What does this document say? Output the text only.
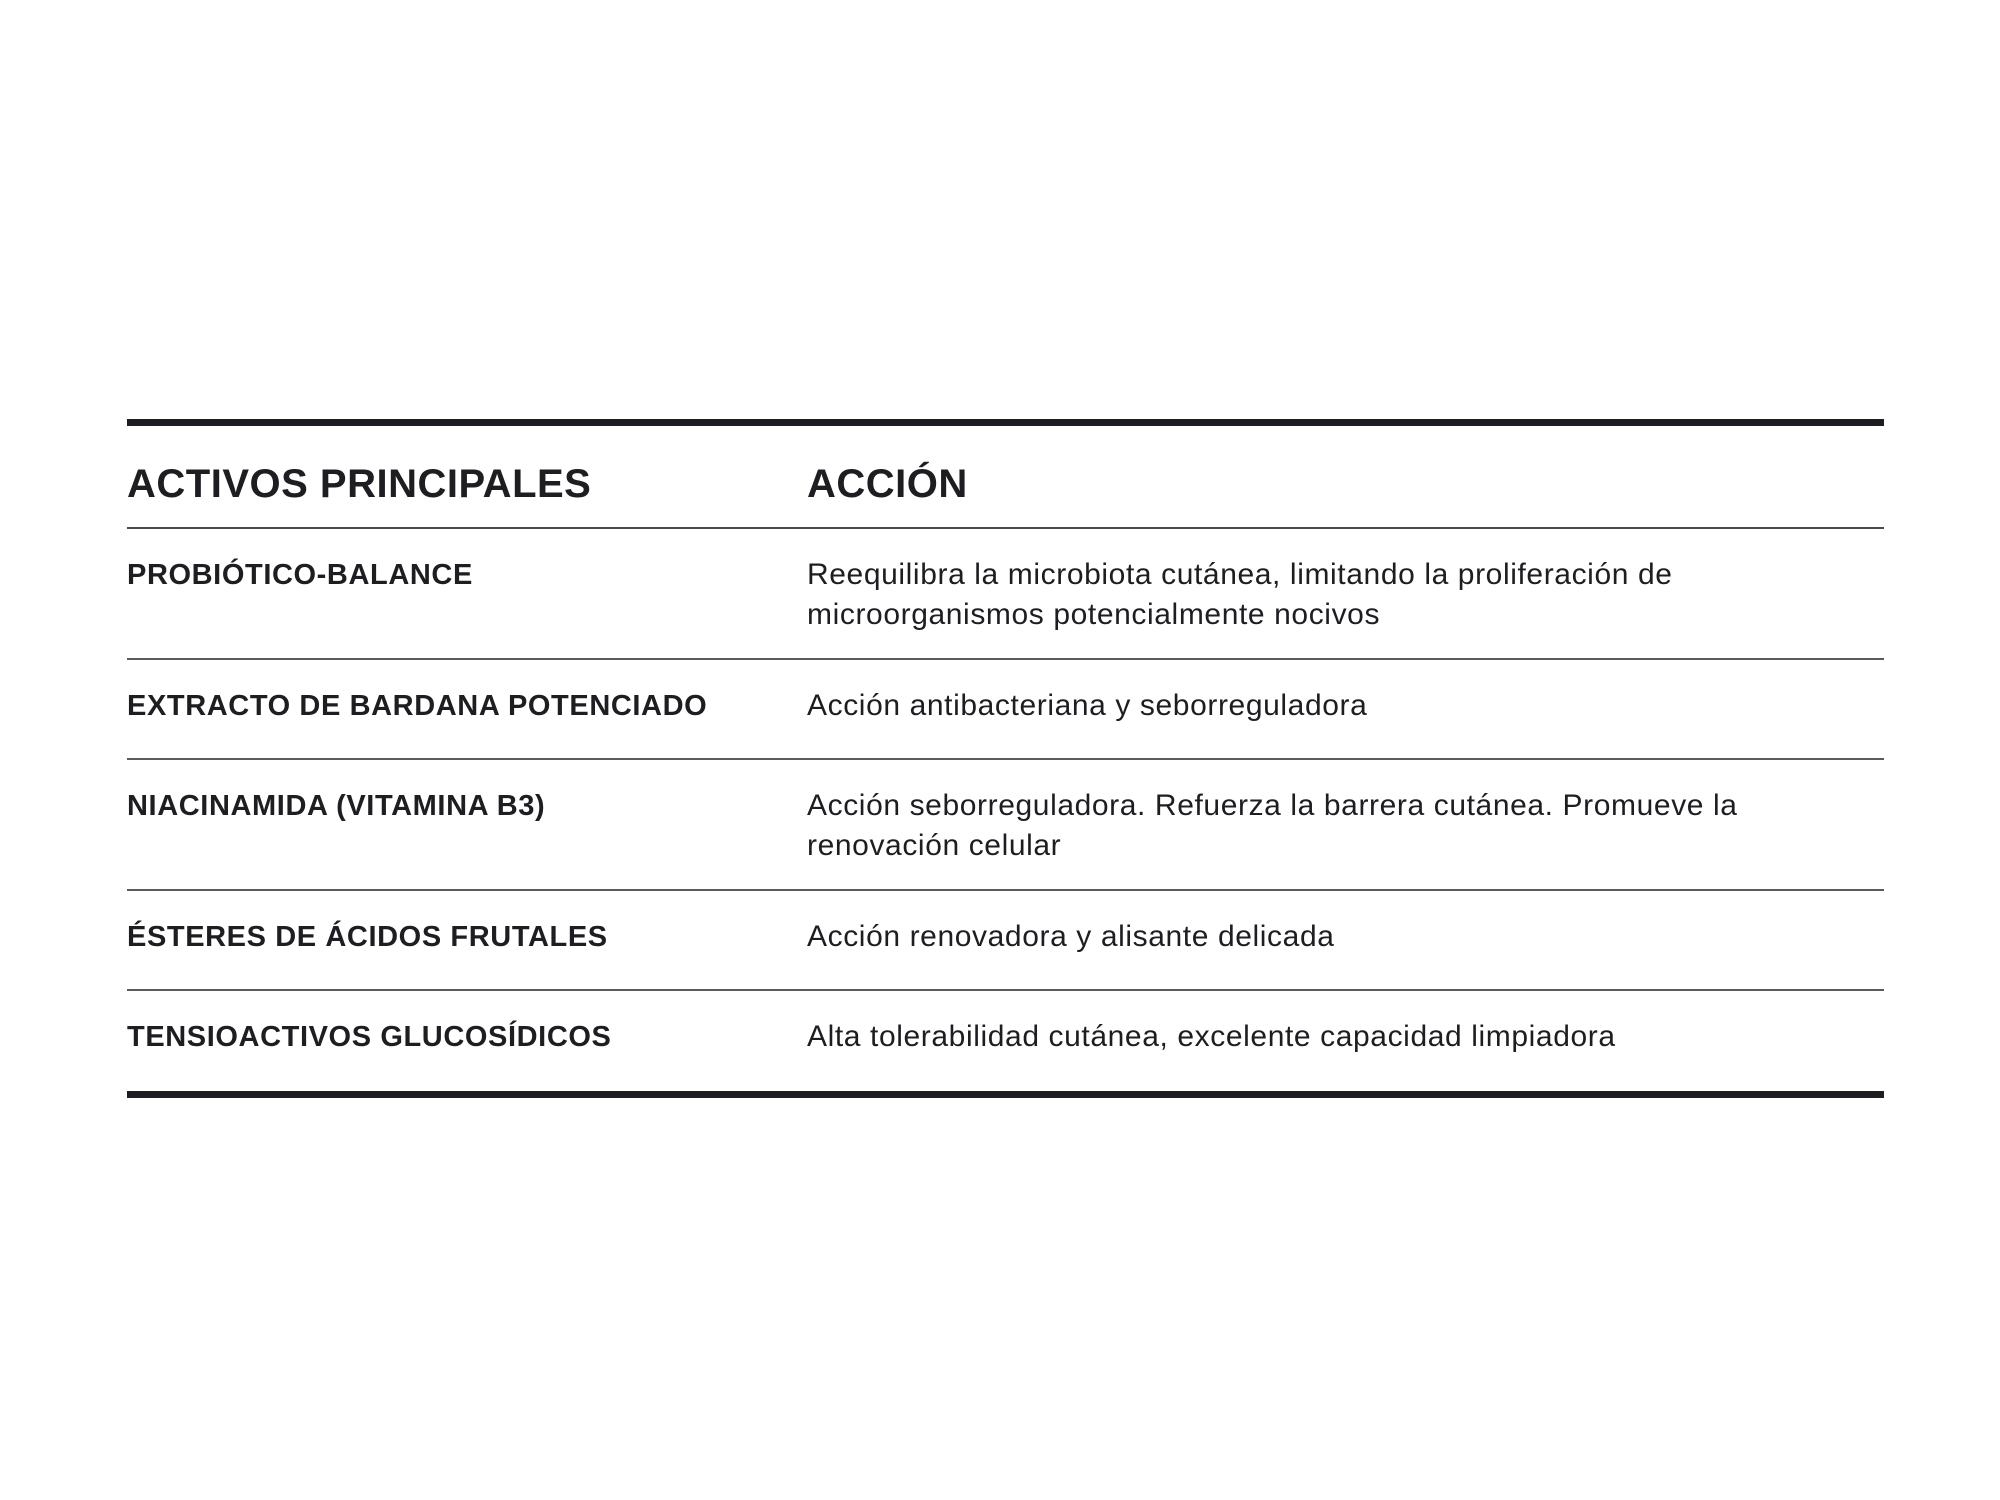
ACTIVOS PRINCIPALES	ACCIÓN
PROBIÓTICO-BALANCE	Reequilibra la microbiota cutánea, limitando la proliferación de microorganismos potencialmente nocivos
EXTRACTO DE BARDANA POTENCIADO	Acción antibacteriana y seborreguladora
NIACINAMIDA (VITAMINA B3)	Acción seborreguladora. Refuerza la barrera cutánea. Promueve la renovación celular
ÉSTERES DE ÁCIDOS FRUTALES	Acción renovadora y alisante delicada
TENSIOACTIVOS GLUCOSÍDICOS	Alta tolerabilidad cutánea, excelente capacidad limpiadora
